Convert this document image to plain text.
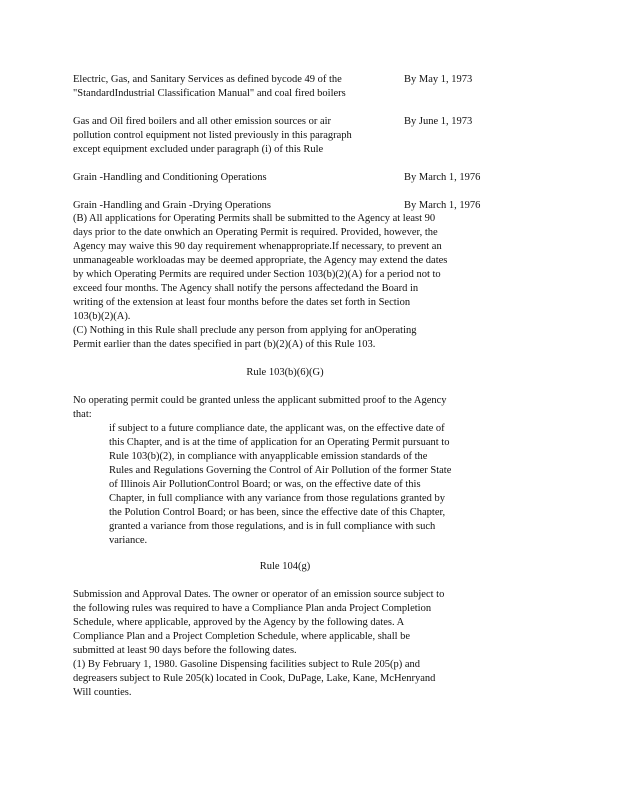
Electric, Gas, and Sanitary Services as defined bycode 49 of the
"StandardIndustrial Classification Manual" and coal fired boilers
By May 1, 1973
Gas and Oil fired boilers and all other emission sources or air
pollution control equipment not listed previously in this paragraph
except equipment excluded under paragraph (i) of this Rule
By June 1, 1973
Grain -Handling and Conditioning Operations	By March 1, 1976
Grain -Handling and Grain -Drying Operations	By March 1, 1976
(B) All applications for Operating Permits shall be submitted to the Agency at least 90
days prior to the date onwhich an Operating Permit is required. Provided, however, the
Agency may waive this 90 day requirement whenappropriate.If necessary, to prevent an
unmanageable workloadas may be deemed appropriate, the Agency may extend the dates
by which Operating Permits are required under Section 103(b)(2)(A) for a period not to
exceed four months. The Agency shall notify the persons affectedand the Board in
writing of the extension at least four months before the dates set forth in Section
103(b)(2)(A).
(C) Nothing in this Rule shall preclude any person from applying for anOperating
Permit earlier than the dates specified in part (b)(2)(A) of this Rule 103.
Rule 103(b)(6)(G)
No operating permit could be granted unless the applicant submitted proof to the Agency
that:
if subject to a future compliance date, the applicant was, on the effective date of
this Chapter, and is at the time of application for an Operating Permit pursuant to
Rule 103(b)(2), in compliance with anyapplicable emission standards of the
Rules and Regulations Governing the Control of Air Pollution of the former State
of Illinois Air PollutionControl Board; or was, on the effective date of this
Chapter, in full compliance with any variance from those regulations granted by
the Polution Control Board; or has been, since the effective date of this Chapter,
granted a variance from those regulations, and is in full compliance with such
variance.
Rule 104(g)
Submission and Approval Dates. The owner or operator of an emission source subject to
the following rules was required to have a Compliance Plan anda Project Completion
Schedule, where applicable, approved by the Agency by the following dates. A
Compliance Plan and a Project Completion Schedule, where applicable, shall be
submitted at least 90 days before the following dates.
(1) By February 1, 1980. Gasoline Dispensing facilities subject to Rule 205(p) and
degreasers subject to Rule 205(k) located in Cook, DuPage, Lake, Kane, McHenryand
Will counties.
